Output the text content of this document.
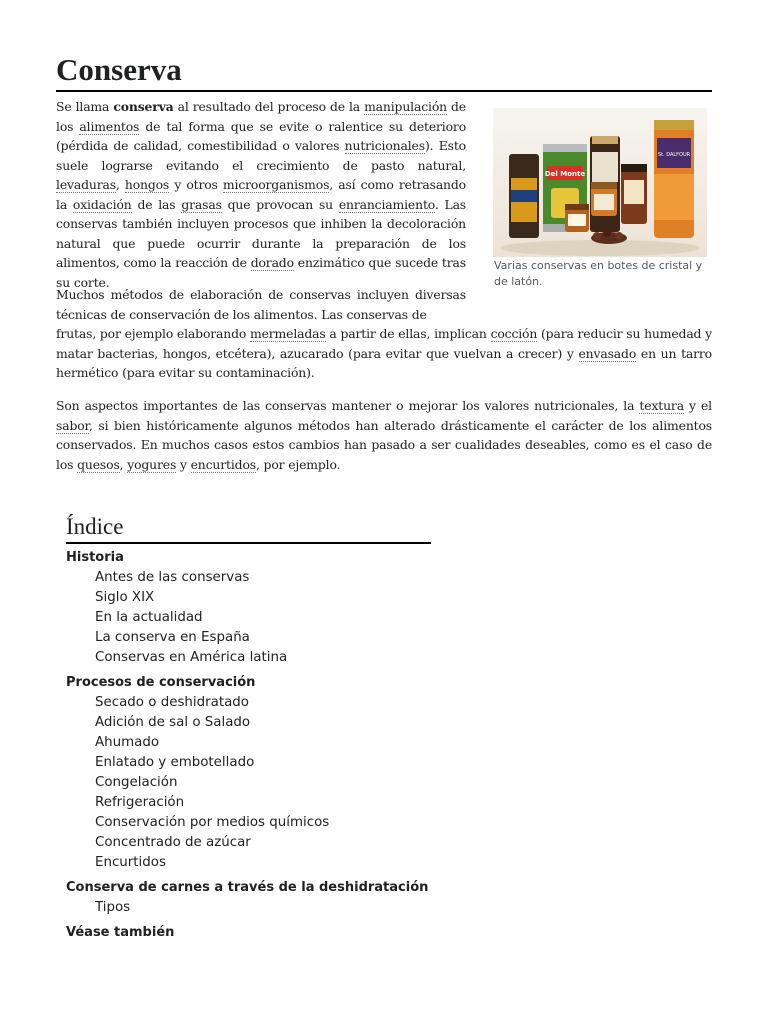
Conserva

Se llama conserva al resultado del proceso de la manipulación de los alimentos de tal forma que se evite o ralentice su deterioro (pérdida de calidad, comestibilidad o valores nutricionales). Esto suele lograrse evitando el crecimiento de pasto natural, levaduras, hongos y otros microorganismos, así como retrasando la oxidación de las grasas que provocan su enranciamiento. Las conservas también incluyen procesos que inhiben la decoloración natural que puede ocurrir durante la preparación de los alimentos, como la reacción de dorado enzimático que sucede tras su corte.

Del Monte
St. DALFOUR
Varias conservas en botes de cristal y de latón.

Muchos métodos de elaboración de conservas incluyen diversas técnicas de conservación de los alimentos. Las conservas de
frutas, por ejemplo elaborando mermeladas a partir de ellas, implican cocción (para reducir su humedad y matar bacterias, hongos, etcétera), azucarado (para evitar que vuelvan a crecer) y envasado en un tarro hermético (para evitar su contaminación).

Son aspectos importantes de las conservas mantener o mejorar los valores nutricionales, la textura y el sabor, si bien históricamente algunos métodos han alterado drásticamente el carácter de los alimentos conservados. En muchos casos estos cambios han pasado a ser cualidades deseables, como es el caso de los quesos, yogures y encurtidos, por ejemplo.

Índice
Historia
Antes de las conservas
Siglo XIX
En la actualidad
La conserva en España
Conservas en América latina
Procesos de conservación
Secado o deshidratado
Adición de sal o Salado
Ahumado
Enlatado y embotellado
Congelación
Refrigeración
Conservación por medios químicos
Concentrado de azúcar
Encurtidos
Conserva de carnes a través de la deshidratación
Tipos
Véase también
